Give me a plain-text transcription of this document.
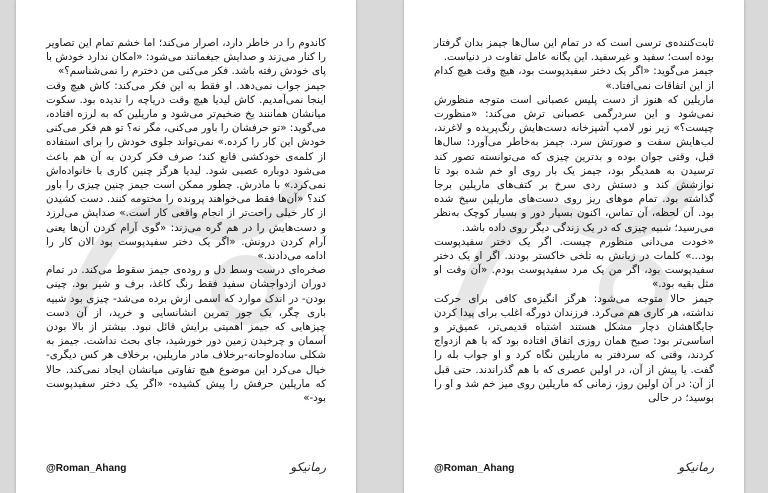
کاندوم را در خاطر دارد، اصرار می‌کند؛ اما خشم تمام این تصاویر را کنار می‌زند و صدایش جیغمانند می‌شود: «امکان ندارد خودش با پای خودش رفته باشد. فکر می‌کنی من دخترم را نمی‌شناسم؟»

جیمز جواب نمی‌دهد. او فقط به این فکر می‌کند: کاش هیچ وقت اینجا نمی‌آمدیم. کاش لیدیا هیچ وقت دریاچه را ندیده بود. سکوت میانشان هماننند یخ ضخیم‌تر می‌شود و ماریلین که به لرزه افتاده، می‌گوید: «تو حرفشان را باور می‌کنی، مگر نه؟ تو هم فکر می‌کنی خودش این کار را کرده.» نمی‌تواند جلوی خودش را برای استفاده از کلمه‌ی خودکشی قانع کند؛ صرف فکر کردن به آن هم باعث می‌شود دوباره عصبی شود. لیدیا هرگز چنین کاری با خانواده‌اش نمی‌کرد.» با مادرش. چطور ممکن است جیمز چنین چیزی را باور کند؟ «آن‌ها فقط می‌خواهند پرونده را مختومه کنند. دست کشیدن از کار خیلی راحت‌تر از انجام واقعی کار است.» صدایش می‌لرزد و دست‌هایش را در هم گره می‌زند: «گوی آرام کردن آن‌ها یعنی آرام کردن درونش. «اگر یک دختر سفیدپوست بود الان کار را ادامه می‌دادند.»

صخره‌ای درست وسط دل و روده‌ی جیمز سقوط می‌کند. در تمام دوران ازدواجشان سفید فقط رنگ کاغذ، برف و شیر بود. چینی بودن- در اندک موارد که اسمی ازش برده می‌شد- چیزی بود شبیه باری چگر، یک جور تمرین انشانسایی و خرید، از آن دست چیزهایی که جیمز اهمیتی برایش قائل نبود. بیشتر از بالا بودن آسمان و چرخیدن زمین دور خورشید، جای بحث نداشت. جیمز به شکلی ساده‌لوحانه-برخلاف مادر ماریلین، برخلاف هر کس دیگری- خیال می‌کرد این موضوع هیچ تفاوتی میانشان ایجاد نمی‌کند. حالا که ماریلین حرفش را پیش کشیده- «اگر یک دختر سفیدپوست بود-»

@Roman_Ahang	رمانیکو

ثابت‌کننده‌ی ترسی است که در تمام این سال‌ها جیمز بدان گرفتار بوده است؛ سفید و غیرسفید. این یگانه عامل تفاوت در دنیاست.

جیمز می‌گوید: «اگر یک دختر سفیدپوست بود، هیچ وقت هیچ کدام از این اتفاقات نمی‌افتاد.»

ماریلین که هنوز از دست پلیس عصبانی است متوجه منظورش نمی‌شود و این سردرگمی عصبانی ترش می‌کند: «منظورت چیست؟» زیر نور لامپ آشپزخانه دست‌هایش رنگ‌پریده و لاغرند، لب‌هایش سفت و صورتش سرد. جیمز به‌خاطر می‌آورد: سال‌ها قبل، وقتی جوان بوده و بدترین چیزی که می‌توانسته تصور کند ترسیدن به همدیگر بود، جیمز یک بار روی او خم شده بود تا نوازشش کند و دستش ردی سرخ بر کتف‌های ماریلین برجا گذاشته بود. تمام موهای ریز روی دست‌های ماریلین سیخ شده بود. آن لحظه، آن تماس، اکنون بسیار دور و بسیار کوچک به‌نظر می‌رسید؛ شبیه چیزی که در یک زندگی دیگر روی داده باشد.

«خودت می‌دانی منظورم چیست. اگر یک دختر سفیدپوست بود...» کلمات در زبانش به تلخی خاکستر بودند. اگر او یک دختر سفیدپوست بود، اگر من یک مرد سفیدپوست بودم. «آن وقت او مثل بقیه بود.»

جیمز حالا متوجه می‌شود: هرگز انگیزه‌ی کافی برای حرکت نداشته، هر کاری هم می‌کرد. فرزندان دورگه اغلب برای پیدا کردن جایگاهشان دچار مشکل هستند اشتباه قدیمی‌تر، عمیق‌تر و اساسی‌تر بود: صبح همان روزی اتفاق افتاده بود که با هم ازدواج کردند، وقتی که سردفتر به ماریلین نگاه کرد و او جواب بله را گفت. یا پیش از آن، در اولین عصری که با هم گذراندند. حتی قبل از آن: در آن اولین روز، زمانی که ماریلین روی میز خم شد و او را بوسید؛ در حالی

@Roman_Ahang	رمانیکو
